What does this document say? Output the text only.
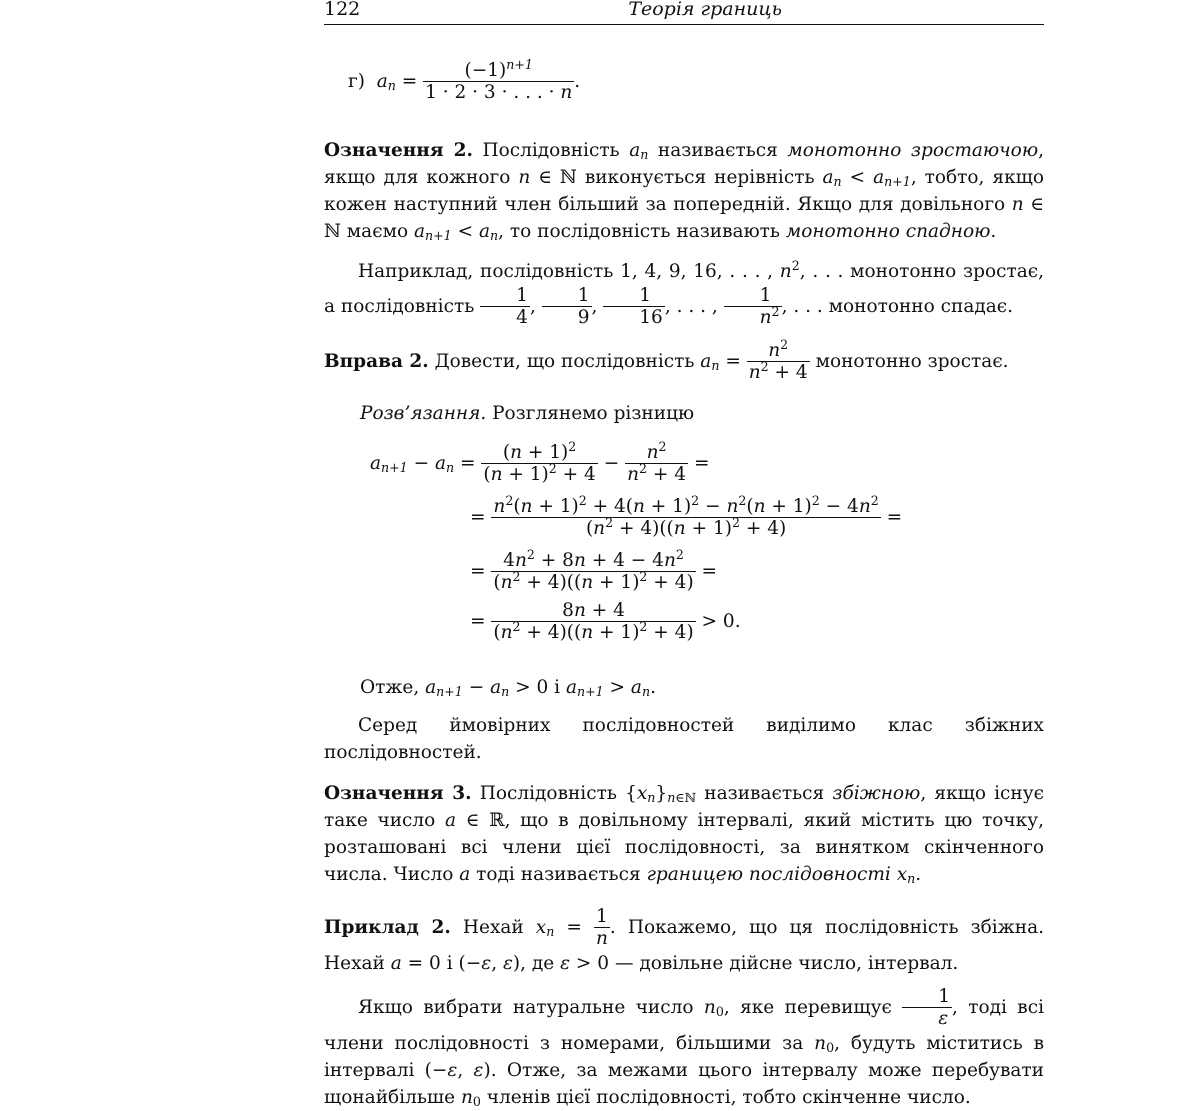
122	Теорія границь
г) $a_n = \frac{(-1)^{n+1}}{1 \cdot 2 \cdot 3 \cdot . . . \cdot n}$ .
Означення 2. Послідовність $a_n$ називається монотонно зростаючою, якщо для кожного n ∈ ℕ виконується нерівність $a_n < a_{n+1}$, тобто, якщо кожен наступний член більший за попередній. Якщо для довільного n ∈ ℕ маємо $a_{n+1} < a_n$, то послідовність називають монотонно спадною.
Наприклад, послідовність 1, 4, 9, 16, . . . , $n^2$, . . . монотонно зростає, а послідовність $\frac{1}{4}$ , $\frac{1}{9}$ , $\frac{1}{16}$ , . . . , $\frac{1}{n^2}$ , . . . монотонно спадає.
Вправа 2. Довести, що послідовність $a_n = \frac{n^2}{n^2 + 4}$ монотонно зростає.
Розв’язання. Розглянемо різницю
$a_{n+1} - a_n = \frac{(n + 1)^2}{(n + 1)^2 + 4} - \frac{n^2}{n^2 + 4}$ =
= $\frac{n^2(n + 1)^2 + 4(n + 1)^2 - n^2(n + 1)^2 - 4n^2}{(n^2 + 4)((n + 1)^2 + 4)}$ =
= $\frac{4n^2 + 8n + 4 - 4n^2}{(n^2 + 4)((n + 1)^2 + 4)}$ =
= $\frac{8n + 4}{(n^2 + 4)((n + 1)^2 + 4)} > 0$.
Отже, $a_{n+1} - a_n > 0$ і $a_{n+1} > a_n$.
Серед ймовірних послідовностей виділимо клас збіжних послідовностей.
Означення 3. Послідовність $\{x_n\}_{n\in ℕ}$ називається збіжною, якщо існує таке число a ∈ ℝ, що в довільному інтервалі, який містить цю точку, розташовані всі члени цієї послідовності, за винятком скінченного числа. Число a тоді називається границею послідовності $x_n$.
Приклад 2. Нехай $x_n = \frac{1}{n}$ . Покажемо, що ця послідовність збіжна. Нехай a = 0 і (−ε, ε), де ε > 0 — довільне дійсне число, інтервал.
Якщо вибрати натуральне число $n_0$, яке перевищує $\frac{1}{\varepsilon}$ , тоді всі члени послідовності з номерами, більшими за $n_0$, будуть міститись в інтервалі (−ε, ε). Отже, за межами цього інтервалу може перебувати щонайбільше $n_0$ членів цієї послідовності, тобто скінченне число.
